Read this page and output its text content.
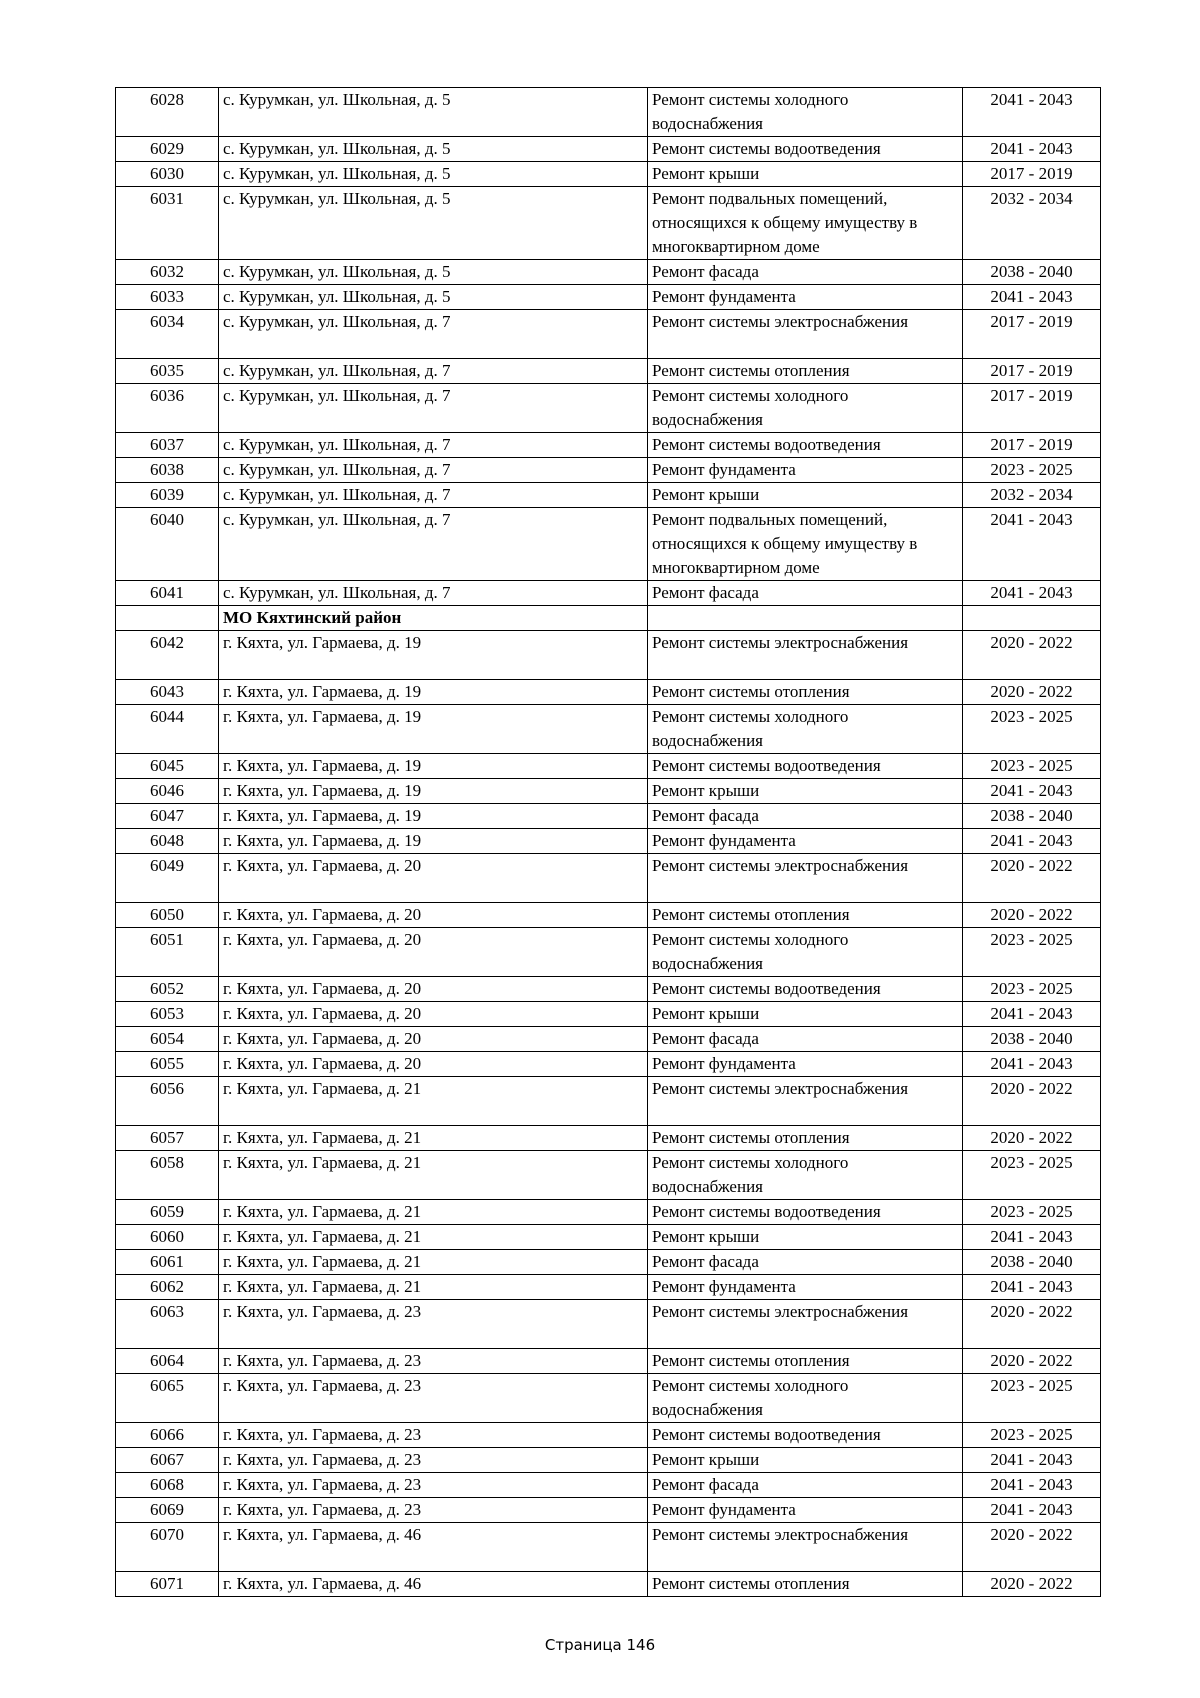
6028	с. Курумкан, ул. Школьная, д. 5	Ремонт системы холодного водоснабжения	2041 - 2043
6029	с. Курумкан, ул. Школьная, д. 5	Ремонт системы водоотведения	2041 - 2043
6030	с. Курумкан, ул. Школьная, д. 5	Ремонт крыши	2017 - 2019
6031	с. Курумкан, ул. Школьная, д. 5	Ремонт подвальных помещений, относящихся к общему имуществу в многоквартирном доме	2032 - 2034
6032	с. Курумкан, ул. Школьная, д. 5	Ремонт фасада	2038 - 2040
6033	с. Курумкан, ул. Школьная, д. 5	Ремонт фундамента	2041 - 2043
6034	с. Курумкан, ул. Школьная, д. 7	Ремонт системы электроснабжения	2017 - 2019
6035	с. Курумкан, ул. Школьная, д. 7	Ремонт системы отопления	2017 - 2019
6036	с. Курумкан, ул. Школьная, д. 7	Ремонт системы холодного водоснабжения	2017 - 2019
6037	с. Курумкан, ул. Школьная, д. 7	Ремонт системы водоотведения	2017 - 2019
6038	с. Курумкан, ул. Школьная, д. 7	Ремонт фундамента	2023 - 2025
6039	с. Курумкан, ул. Школьная, д. 7	Ремонт крыши	2032 - 2034
6040	с. Курумкан, ул. Школьная, д. 7	Ремонт подвальных помещений, относящихся к общему имуществу в многоквартирном доме	2041 - 2043
6041	с. Курумкан, ул. Школьная, д. 7	Ремонт фасада	2041 - 2043
	МО Кяхтинский район		
6042	г. Кяхта, ул. Гармаева, д. 19	Ремонт системы электроснабжения	2020 - 2022
6043	г. Кяхта, ул. Гармаева, д. 19	Ремонт системы отопления	2020 - 2022
6044	г. Кяхта, ул. Гармаева, д. 19	Ремонт системы холодного водоснабжения	2023 - 2025
6045	г. Кяхта, ул. Гармаева, д. 19	Ремонт системы водоотведения	2023 - 2025
6046	г. Кяхта, ул. Гармаева, д. 19	Ремонт крыши	2041 - 2043
6047	г. Кяхта, ул. Гармаева, д. 19	Ремонт фасада	2038 - 2040
6048	г. Кяхта, ул. Гармаева, д. 19	Ремонт фундамента	2041 - 2043
6049	г. Кяхта, ул. Гармаева, д. 20	Ремонт системы электроснабжения	2020 - 2022
6050	г. Кяхта, ул. Гармаева, д. 20	Ремонт системы отопления	2020 - 2022
6051	г. Кяхта, ул. Гармаева, д. 20	Ремонт системы холодного водоснабжения	2023 - 2025
6052	г. Кяхта, ул. Гармаева, д. 20	Ремонт системы водоотведения	2023 - 2025
6053	г. Кяхта, ул. Гармаева, д. 20	Ремонт крыши	2041 - 2043
6054	г. Кяхта, ул. Гармаева, д. 20	Ремонт фасада	2038 - 2040
6055	г. Кяхта, ул. Гармаева, д. 20	Ремонт фундамента	2041 - 2043
6056	г. Кяхта, ул. Гармаева, д. 21	Ремонт системы электроснабжения	2020 - 2022
6057	г. Кяхта, ул. Гармаева, д. 21	Ремонт системы отопления	2020 - 2022
6058	г. Кяхта, ул. Гармаева, д. 21	Ремонт системы холодного водоснабжения	2023 - 2025
6059	г. Кяхта, ул. Гармаева, д. 21	Ремонт системы водоотведения	2023 - 2025
6060	г. Кяхта, ул. Гармаева, д. 21	Ремонт крыши	2041 - 2043
6061	г. Кяхта, ул. Гармаева, д. 21	Ремонт фасада	2038 - 2040
6062	г. Кяхта, ул. Гармаева, д. 21	Ремонт фундамента	2041 - 2043
6063	г. Кяхта, ул. Гармаева, д. 23	Ремонт системы электроснабжения	2020 - 2022
6064	г. Кяхта, ул. Гармаева, д. 23	Ремонт системы отопления	2020 - 2022
6065	г. Кяхта, ул. Гармаева, д. 23	Ремонт системы холодного водоснабжения	2023 - 2025
6066	г. Кяхта, ул. Гармаева, д. 23	Ремонт системы водоотведения	2023 - 2025
6067	г. Кяхта, ул. Гармаева, д. 23	Ремонт крыши	2041 - 2043
6068	г. Кяхта, ул. Гармаева, д. 23	Ремонт фасада	2041 - 2043
6069	г. Кяхта, ул. Гармаева, д. 23	Ремонт фундамента	2041 - 2043
6070	г. Кяхта, ул. Гармаева, д. 46	Ремонт системы электроснабжения	2020 - 2022
6071	г. Кяхта, ул. Гармаева, д. 46	Ремонт системы отопления	2020 - 2022
Страница 146
